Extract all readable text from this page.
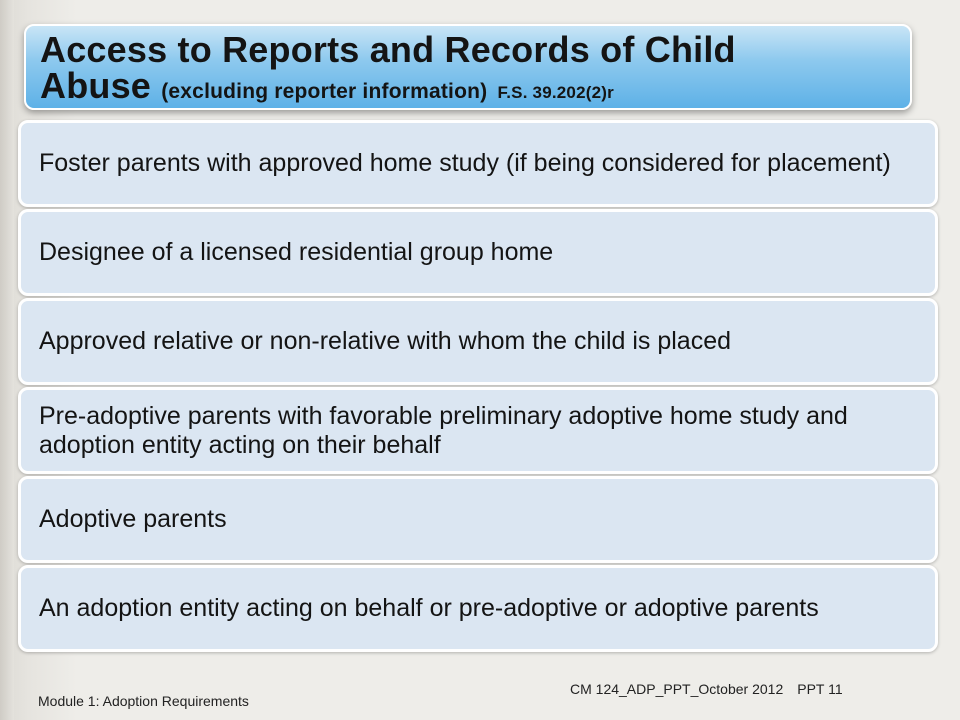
Access to Reports and Records of Child
Abuse (excluding reporter information) F.S. 39.202(2)r
Foster parents with approved home study (if being considered for placement)
Designee of a licensed residential group home
Approved relative or non-relative with whom the child is placed
Pre-adoptive parents with favorable preliminary adoptive home study and adoption entity acting on their behalf
Adoptive parents
An adoption entity acting on behalf or pre-adoptive or adoptive parents
Module 1: Adoption Requirements
CM 124_ADP_PPT_October 2012 PPT 11
